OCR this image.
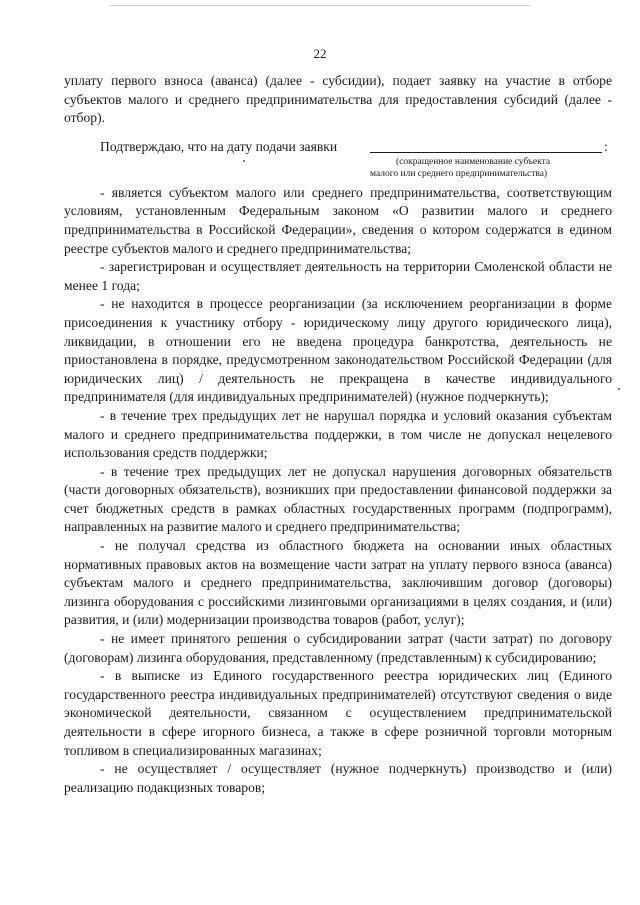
22

уплату первого взноса (аванса) (далее - субсидии), подает заявку на участие в отборе субъектов малого и среднего предпринимательства для предоставления субсидий (далее - отбор).

Подтверждаю, что на дату подачи заявки	:
(сокращенное наименование субъекта
малого или среднего предпринимательства)

- является субъектом малого или среднего предпринимательства, соответствующим условиям, установленным Федеральным законом «О развитии малого и среднего предпринимательства в Российской Федерации», сведения о котором содержатся в едином реестре субъектов малого и среднего предпринимательства;

- зарегистрирован и осуществляет деятельность на территории Смоленской области не менее 1 года;

- не находится в процессе реорганизации (за исключением реорганизации в форме присоединения к участнику отбору - юридическому лицу другого юридического лица), ликвидации, в отношении его не введена процедура банкротства, деятельность не приостановлена в порядке, предусмотренном законодательством Российской Федерации (для юридических лиц) / деятельность не прекращена в качестве индивидуального предпринимателя (для индивидуальных предпринимателей) (нужное подчеркнуть);

- в течение трех предыдущих лет не нарушал порядка и условий оказания субъектам малого и среднего предпринимательства поддержки, в том числе не допускал нецелевого использования средств поддержки;

- в течение трех предыдущих лет не допускал нарушения договорных обязательств (части договорных обязательств), возникших при предоставлении финансовой поддержки за счет бюджетных средств в рамках областных государственных программ (подпрограмм), направленных на развитие малого и среднего предпринимательства;

- не получал средства из областного бюджета на основании иных областных нормативных правовых актов на возмещение части затрат на уплату первого взноса (аванса) субъектам малого и среднего предпринимательства, заключившим договор (договоры) лизинга оборудования с российскими лизинговыми организациями в целях создания, и (или) развития, и (или) модернизации производства товаров (работ, услуг);

- не имеет принятого решения о субсидировании затрат (части затрат) по договору (договорам) лизинга оборудования, представленному (представленным) к субсидированию;

- в выписке из Единого государственного реестра юридических лиц (Единого государственного реестра индивидуальных предпринимателей) отсутствуют сведения о виде экономической деятельности, связанном с осуществлением предпринимательской деятельности в сфере игорного бизнеса, а также в сфере розничной торговли моторным топливом в специализированных магазинах;

- не осуществляет / осуществляет (нужное подчеркнуть) производство и (или) реализацию подакцизных товаров;
